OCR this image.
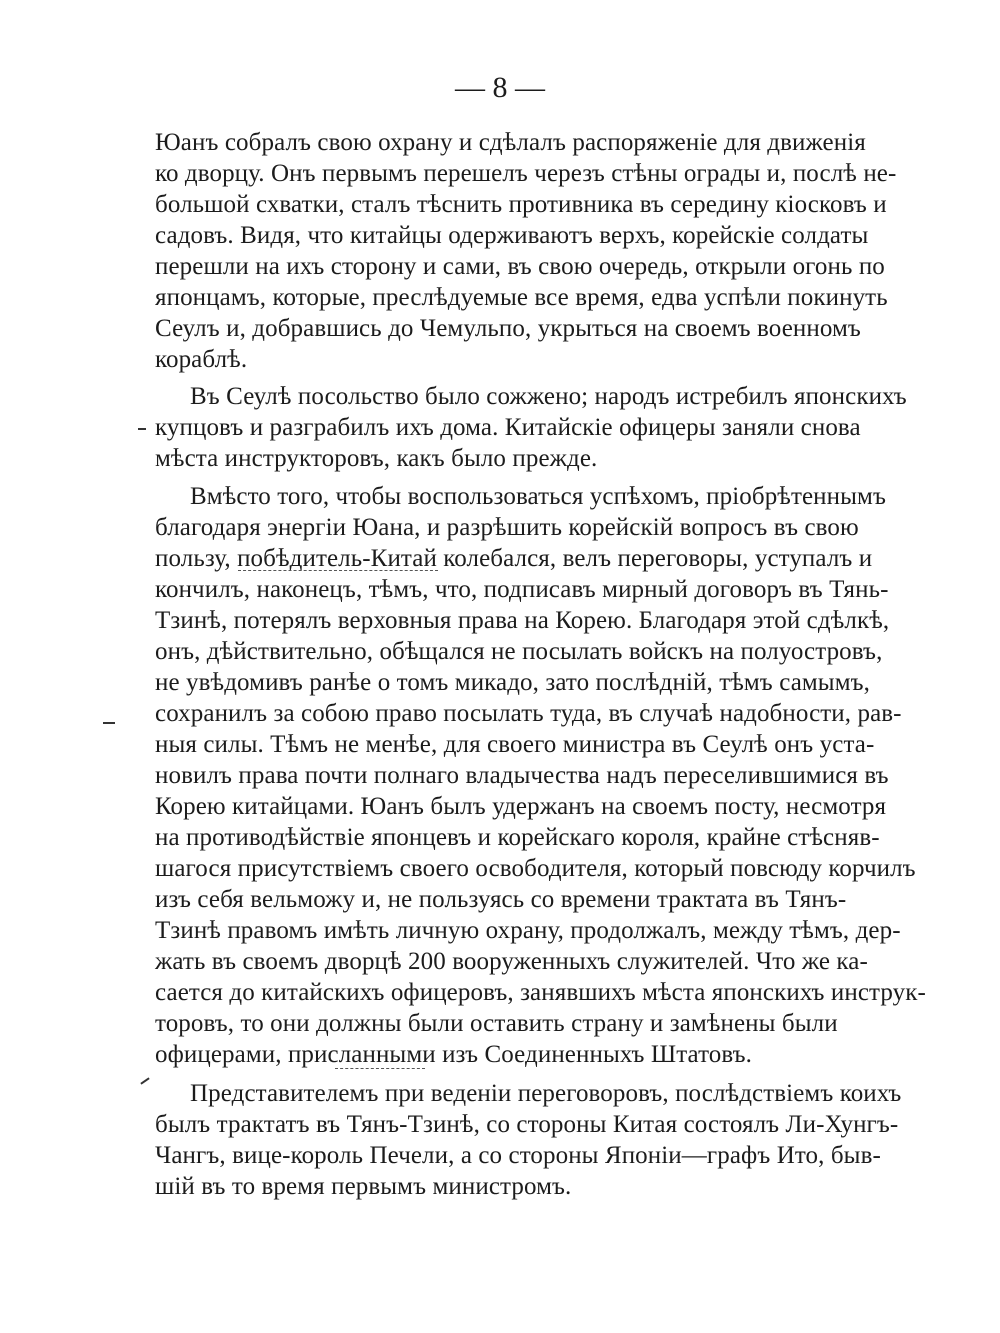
— 8 —
Юанъ собралъ свою охрану и сдѣлалъ распоряженіе для движенія
ко дворцу. Онъ первымъ перешелъ черезъ стѣны ограды и, послѣ не-
большой схватки, сталъ тѣснить противника въ середину кіосковъ и
садовъ. Видя, что китайцы одерживаютъ верхъ, корейскіе солдаты
перешли на ихъ сторону и сами, въ свою очередь, открыли огонь по
японцамъ, которые, преслѣдуемые все время, едва успѣли покинуть
Сеулъ и, добравшись до Чемульпо, укрыться на своемъ военномъ
кораблѣ.
Въ Сеулѣ посольство было сожжено; народъ истребилъ японскихъ
купцовъ и разграбилъ ихъ дома. Китайскіе офицеры заняли снова
мѣста инструкторовъ, какъ было прежде.
Вмѣсто того, чтобы воспользоваться успѣхомъ, пріобрѣтеннымъ
благодаря энергіи Юана, и разрѣшить корейскій вопросъ въ свою
пользу, побѣдитель-Китай колебался, велъ переговоры, уступалъ и
кончилъ, наконецъ, тѣмъ, что, подписавъ мирный договоръ въ Тянь-
Тзинѣ, потерялъ верховныя права на Корею. Благодаря этой сдѣлкѣ,
онъ, дѣйствительно, обѣщался не посылать войскъ на полуостровъ,
не увѣдомивъ ранѣе о томъ микадо, зато послѣдній, тѣмъ самымъ,
сохранилъ за собою право посылать туда, въ случаѣ надобности, рав-
ныя силы. Тѣмъ не менѣе, для своего министра въ Сеулѣ онъ уста-
новилъ права почти полнаго владычества надъ переселившимися въ
Корею китайцами. Юанъ былъ удержанъ на своемъ посту, несмотря
на противодѣйствіе японцевъ и корейскаго короля, крайне стѣсняв-
шагося присутствіемъ своего освободителя, который повсюду корчилъ
изъ себя вельможу и, не пользуясь со времени трактата въ Тянъ-
Тзинѣ правомъ имѣть личную охрану, продолжалъ, между тѣмъ, дер-
жать въ своемъ дворцѣ 200 вооруженныхъ служителей. Что же ка-
сается до китайскихъ офицеровъ, занявшихъ мѣста японскихъ инструк-
торовъ, то они должны были оставить страну и замѣнены были
офицерами, присланными изъ Соединенныхъ Штатовъ.
Представителемъ при веденіи переговоровъ, послѣдствіемъ коихъ
былъ трактатъ въ Тянъ-Тзинѣ, со стороны Китая состоялъ Ли-Хунгъ-
Чангъ, вице-король Печели, а со стороны Японіи—графъ Ито, быв-
шій въ то время первымъ министромъ.
